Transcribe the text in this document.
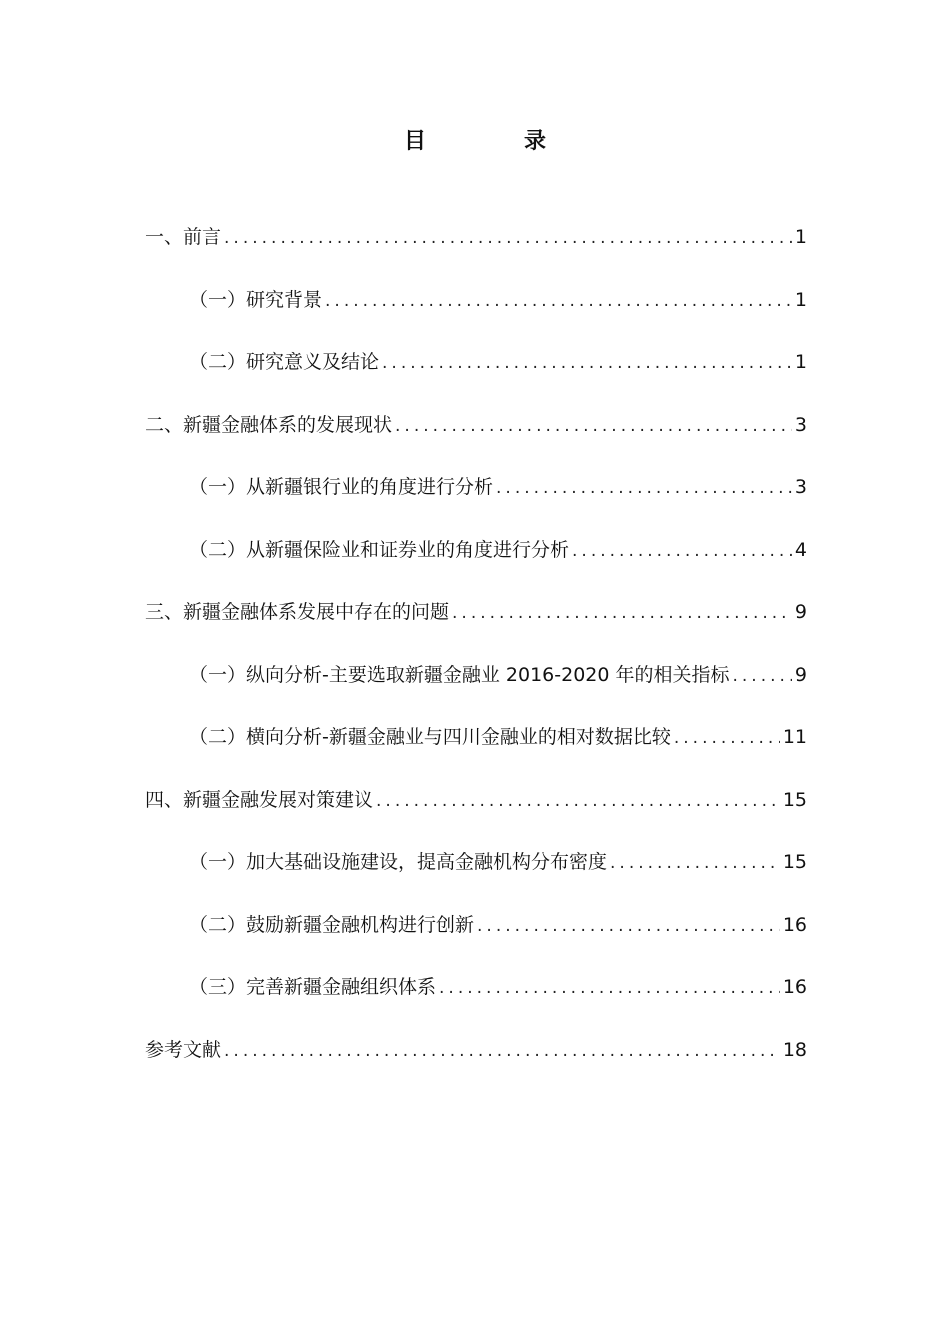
目　录
一、前言 .....	1
（一）研究背景 .....	1
（二）研究意义及结论 .....	1
二、新疆金融体系的发展现状 .....	3
（一）从新疆银行业的角度进行分析 .....	3
（二）从新疆保险业和证券业的角度进行分析 .....	4
三、新疆金融体系发展中存在的问题 .....	9
（一）纵向分析-主要选取新疆金融业 2016-2020 年的相关指标 .....	9
（二）横向分析-新疆金融业与四川金融业的相对数据比较 .....	11
四、新疆金融发展对策建议 .....	15
（一）加大基础设施建设，提高金融机构分布密度 .....	15
（二）鼓励新疆金融机构进行创新 .....	16
（三）完善新疆金融组织体系 .....	16
参考文献 .....	18
